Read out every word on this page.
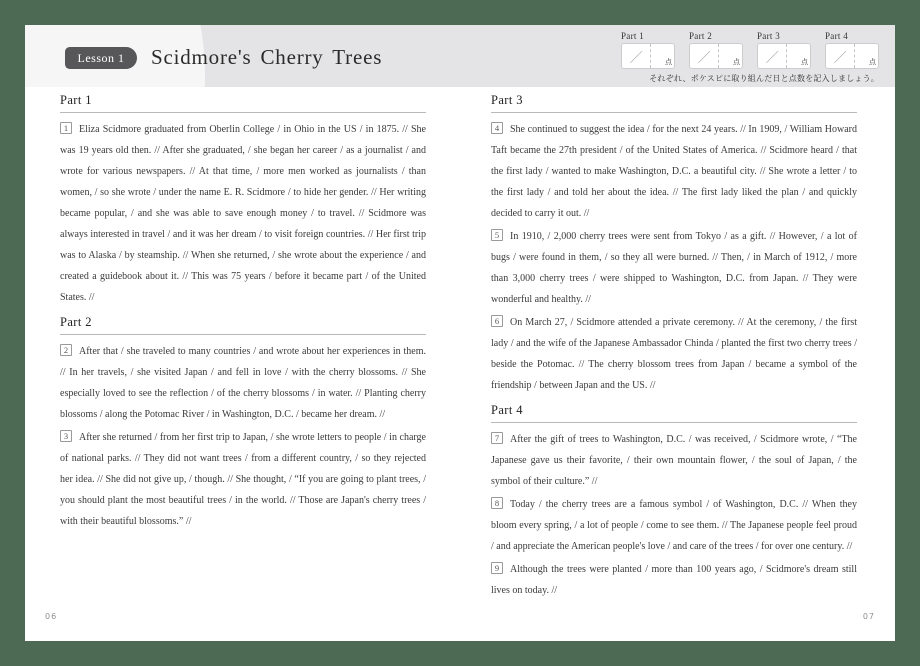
Lesson 1	Scidmore's Cherry Trees
Part 1
／	点
Part 2
／	点
Part 3
／	点
Part 4
／	点
それぞれ、ポケスピに取り組んだ日と点数を記入しましょう。
Part 1

1 Eliza Scidmore graduated from Oberlin College / in Ohio in the US / in 1875. // She was 19 years old then. // After she graduated, / she began her career / as a journalist / and wrote for various newspapers. // At that time, / more men worked as journalists / than women, / so she wrote / under the name E. R. Scidmore / to hide her gender. // Her writing became popular, / and she was able to save enough money / to travel. // Scidmore was always interested in travel / and it was her dream / to visit foreign countries. // Her first trip was to Alaska / by steamship. // When she returned, / she wrote about the experience / and created a guidebook about it. // This was 75 years / before it became part / of the United States. //

Part 2

2 After that / she traveled to many countries / and wrote about her experiences in them. // In her travels, / she visited Japan / and fell in love / with the cherry blossoms. // She especially loved to see the reflection / of the cherry blossoms / in water. // Planting cherry blossoms / along the Potomac River / in Washington, D.C. / became her dream. //

3 After she returned / from her first trip to Japan, / she wrote letters to people / in charge of national parks. // They did not want trees / from a different country, / so they rejected her idea. // She did not give up, / though. // She thought, / “If you are going to plant trees, / you should plant the most beautiful trees / in the world. // Those are Japan's cherry trees / with their beautiful blossoms.” //

Part 3

4 She continued to suggest the idea / for the next 24 years. // In 1909, / William Howard Taft became the 27th president / of the United States of America. // Scidmore heard / that the first lady / wanted to make Washington, D.C. a beautiful city. // She wrote a letter / to the first lady / and told her about the idea. // The first lady liked the plan / and quickly decided to carry it out. //

5 In 1910, / 2,000 cherry trees were sent from Tokyo / as a gift. // However, / a lot of bugs / were found in them, / so they all were burned. // Then, / in March of 1912, / more than 3,000 cherry trees / were shipped to Washington, D.C. from Japan. // They were wonderful and healthy. //

6 On March 27, / Scidmore attended a private ceremony. // At the ceremony, / the first lady / and the wife of the Japanese Ambassador Chinda / planted the first two cherry trees / beside the Potomac. // The cherry blossom trees from Japan / became a symbol of the friendship / between Japan and the US. //

Part 4

7 After the gift of trees to Washington, D.C. / was received, / Scidmore wrote, / “The Japanese gave us their favorite, / their own mountain flower, / the soul of Japan, / the symbol of their culture.” //

8 Today / the cherry trees are a famous symbol / of Washington, D.C. // When they bloom every spring, / a lot of people / come to see them. // The Japanese people feel proud / and appreciate the American people's love / and care of the trees / for over one century. //

9 Although the trees were planted / more than 100 years ago, / Scidmore's dream still lives on today. //

06	07
